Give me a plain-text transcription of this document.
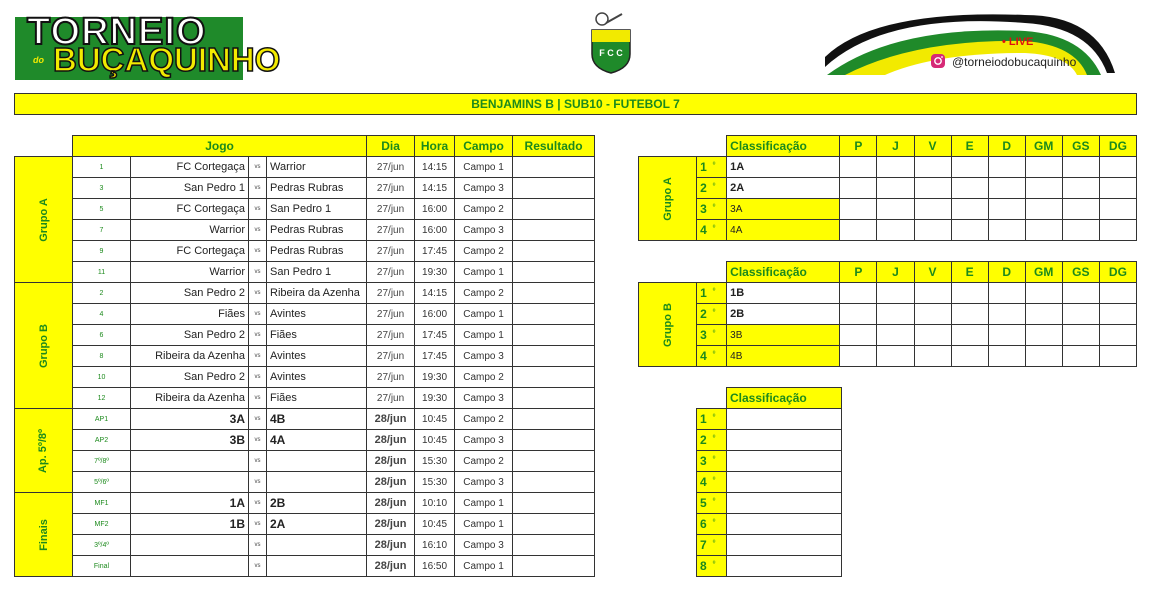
TORNEIO
do BUÇAQUINHO	F C C
• LIVE
@torneiodobucaquinho
BENJAMINS B | SUB10 - FUTEBOL 7
	Jogo				Dia	Hora	Campo	Resultado
Grupo A	1	FC Cortegaça	vs	Warrior	27/jun	14:15	Campo 1	
	3	San Pedro 1	vs	Pedras Rubras	27/jun	14:15	Campo 3	
	5	FC Cortegaça	vs	San Pedro 1	27/jun	16:00	Campo 2	
	7	Warrior	vs	Pedras Rubras	27/jun	16:00	Campo 3	
	9	FC Cortegaça	vs	Pedras Rubras	27/jun	17:45	Campo 2	
	11	Warrior	vs	San Pedro 1	27/jun	19:30	Campo 1	
Grupo B	2	San Pedro 2	vs	Ribeira da Azenha	27/jun	14:15	Campo 2	
	4	Fiães	vs	Avintes	27/jun	16:00	Campo 1	
	6	San Pedro 2	vs	Fiães	27/jun	17:45	Campo 1	
	8	Ribeira da Azenha	vs	Avintes	27/jun	17:45	Campo 3	
	10	San Pedro 2	vs	Avintes	27/jun	19:30	Campo 2	
	12	Ribeira da Azenha	vs	Fiães	27/jun	19:30	Campo 3	
Ap. 5º/8º	AP1	3A	vs	4B	28/jun	10:45	Campo 2	
	AP2	3B	vs	4A	28/jun	10:45	Campo 3	
	7º/8º		vs		28/jun	15:30	Campo 2	
	5º/6º		vs		28/jun	15:30	Campo 3	
Finais	MF1	1A	vs	2B	28/jun	10:10	Campo 1	
	MF2	1B	vs	2A	28/jun	10:45	Campo 1	
	3º/4º		vs		28/jun	16:10	Campo 3	
	Final		vs		28/jun	16:50	Campo 1	
		Classificação	P	J	V	E	D	GM	GS	DG
Grupo A	1 $^º$	1A								
	2 $^º$	2A								
	3 $^º$	3A								
	4 $^º$	4A								
		Classificação	P	J	V	E	D	GM	GS	DG
Grupo B	1 $^º$	1B								
	2 $^º$	2B								
	3 $^º$	3B								
	4 $^º$	4B								
	Classificação
1 $^º$	
2 $^º$	
3 $^º$	
4 $^º$	
5 $^º$	
6 $^º$	
7 $^º$	
8 $^º$	
